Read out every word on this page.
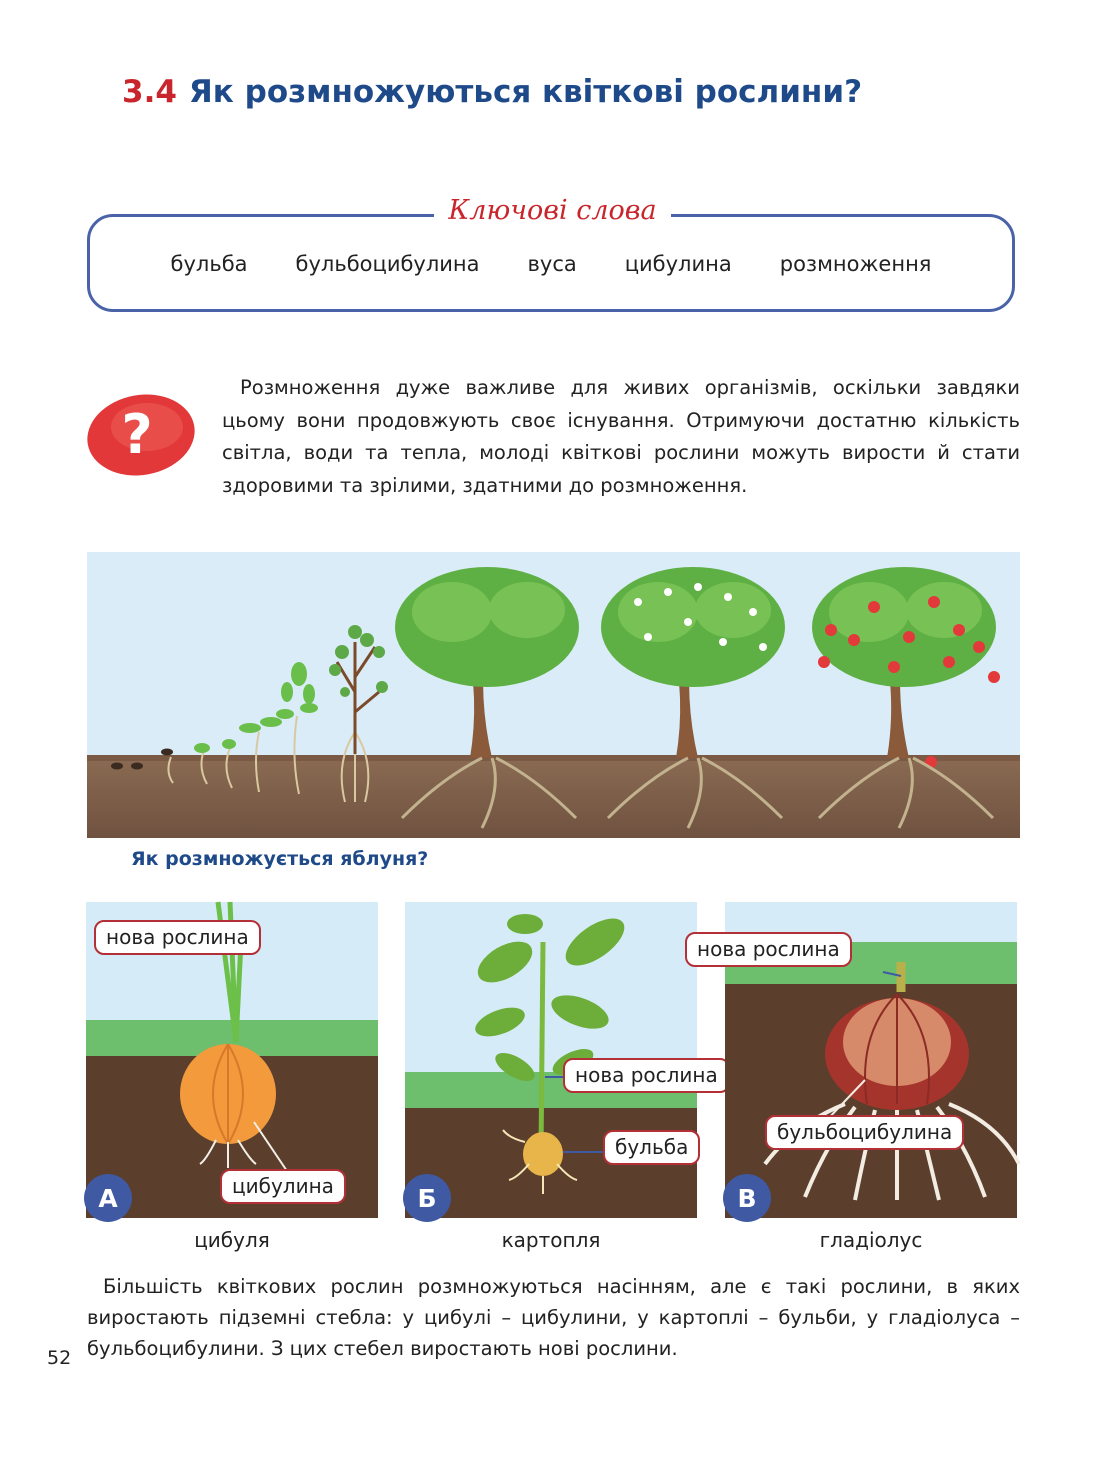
3.4 Як розмножуються квіткові рослини?
Ключові слова
бульба бульбоцибулина вуса цибулина розмноження
?
Розмноження дуже важливе для живих організмів, оскільки завдяки цьому вони продовжують своє існування. Отримуючи достатню кількість світла, води та тепла, молоді квіткові рослини можуть вирости й стати здоровими та зрілими, здатними до розмноження.
Як розмножується яблуня?
нова рослина
цибулина
А
нова рослина
бульба
Б
нова рослина
бульбоцибулина
В
цибуля	картопля	гладіолус
Більшість квіткових рослин розмножуються насінням, але є такі рослини, в яких виростають підземні стебла: у цибулі – цибулини, у картоплі – бульби, у гладіолуса – бульбоцибулини. З цих стебел виростають нові рослини.
52
